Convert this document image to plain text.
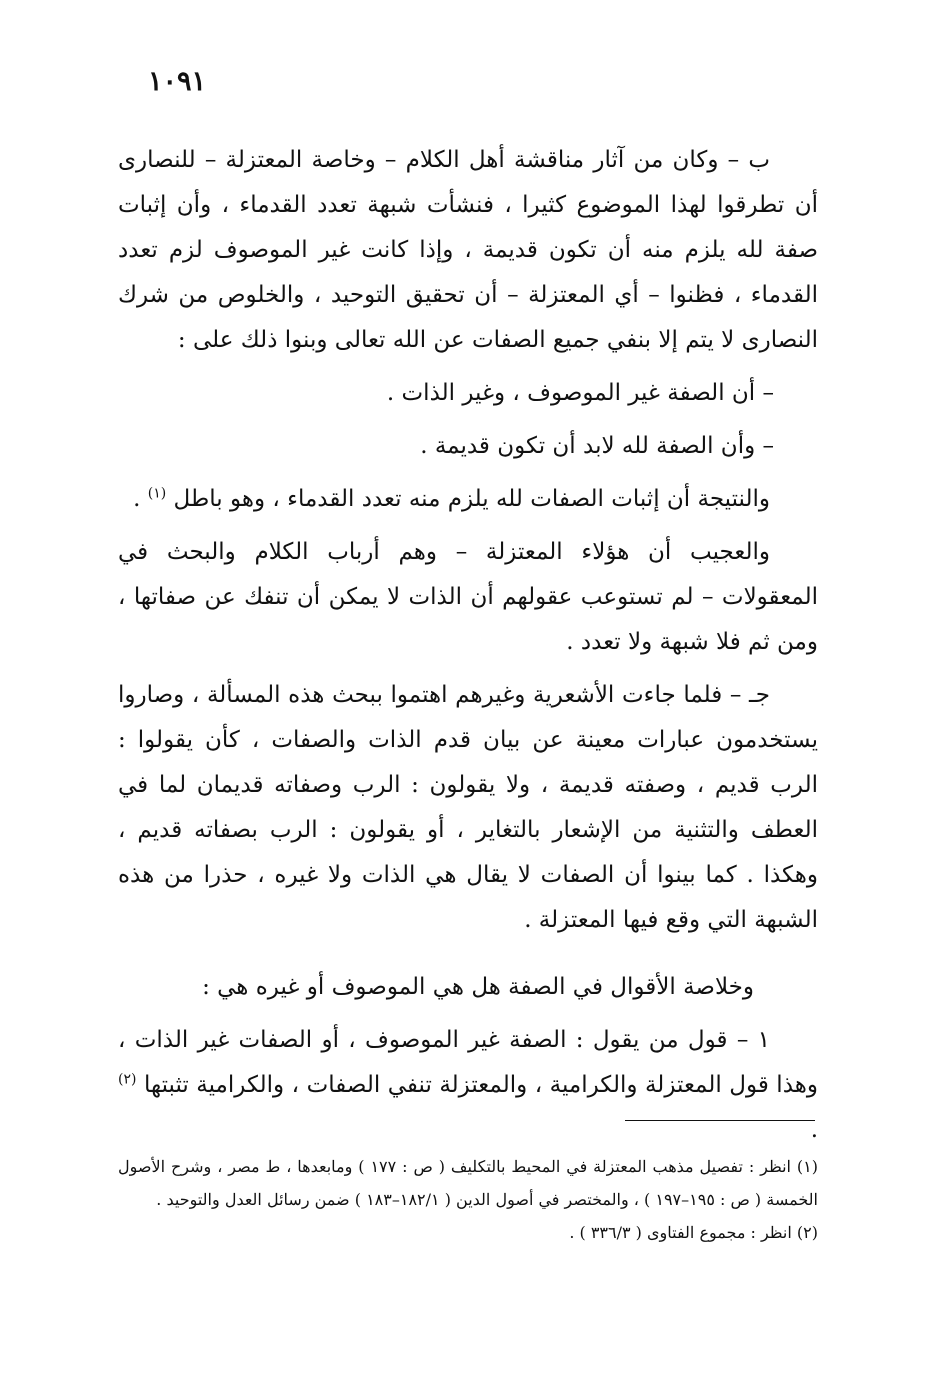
١٠٩١

ب – وكان من آثار مناقشة أهل الكلام – وخاصة المعتزلة – للنصارى أن تطرقوا لهذا الموضوع كثيرا ، فنشأت شبهة تعدد القدماء ، وأن إثبات صفة لله يلزم منه أن تكون قديمة ، وإذا كانت غير الموصوف لزم تعدد القدماء ، فظنوا – أي المعتزلة – أن تحقيق التوحيد ، والخلوص من شرك النصارى لا يتم إلا بنفي جميع الصفات عن الله تعالى وبنوا ذلك على :

– أن الصفة غير الموصوف ، وغير الذات .

– وأن الصفة لله لابد أن تكون قديمة .

والنتيجة أن إثبات الصفات لله يلزم منه تعدد القدماء ، وهو باطل $^{(١)}$ .

والعجيب أن هؤلاء المعتزلة – وهم أرباب الكلام والبحث في المعقولات – لم تستوعب عقولهم أن الذات لا يمكن أن تنفك عن صفاتها ، ومن ثم فلا شبهة ولا تعدد .

جـ – فلما جاءت الأشعرية وغيرهم اهتموا ببحث هذه المسألة ، وصاروا يستخدمون عبارات معينة عن بيان قدم الذات والصفات ، كأن يقولوا : الرب قديم ، وصفته قديمة ، ولا يقولون : الرب وصفاته قديمان لما في العطف والتثنية من الإشعار بالتغاير ، أو يقولون : الرب بصفاته قديم ، وهكذا . كما بينوا أن الصفات لا يقال هي الذات ولا غيره ، حذرا من هذه الشبهة التي وقع فيها المعتزلة .

وخلاصة الأقوال في الصفة هل هي الموصوف أو غيره هي :

١ – قول من يقول : الصفة غير الموصوف ، أو الصفات غير الذات ، وهذا قول المعتزلة والكرامية ، والمعتزلة تنفي الصفات ، والكرامية تثبتها $^{(٢)}$ .

(١) انظر : تفصيل مذهب المعتزلة في المحيط بالتكليف ( ص : ١٧٧ ) ومابعدها ، ط مصر ، وشرح الأصول الخمسة ( ص : ١٩٥–١٩٧ ) ، والمختصر في أصول الدين ( ١٨٢/١–١٨٣ ) ضمن رسائل العدل والتوحيد .

(٢) انظر : مجموع الفتاوى ( ٣٣٦/٣ ) .
